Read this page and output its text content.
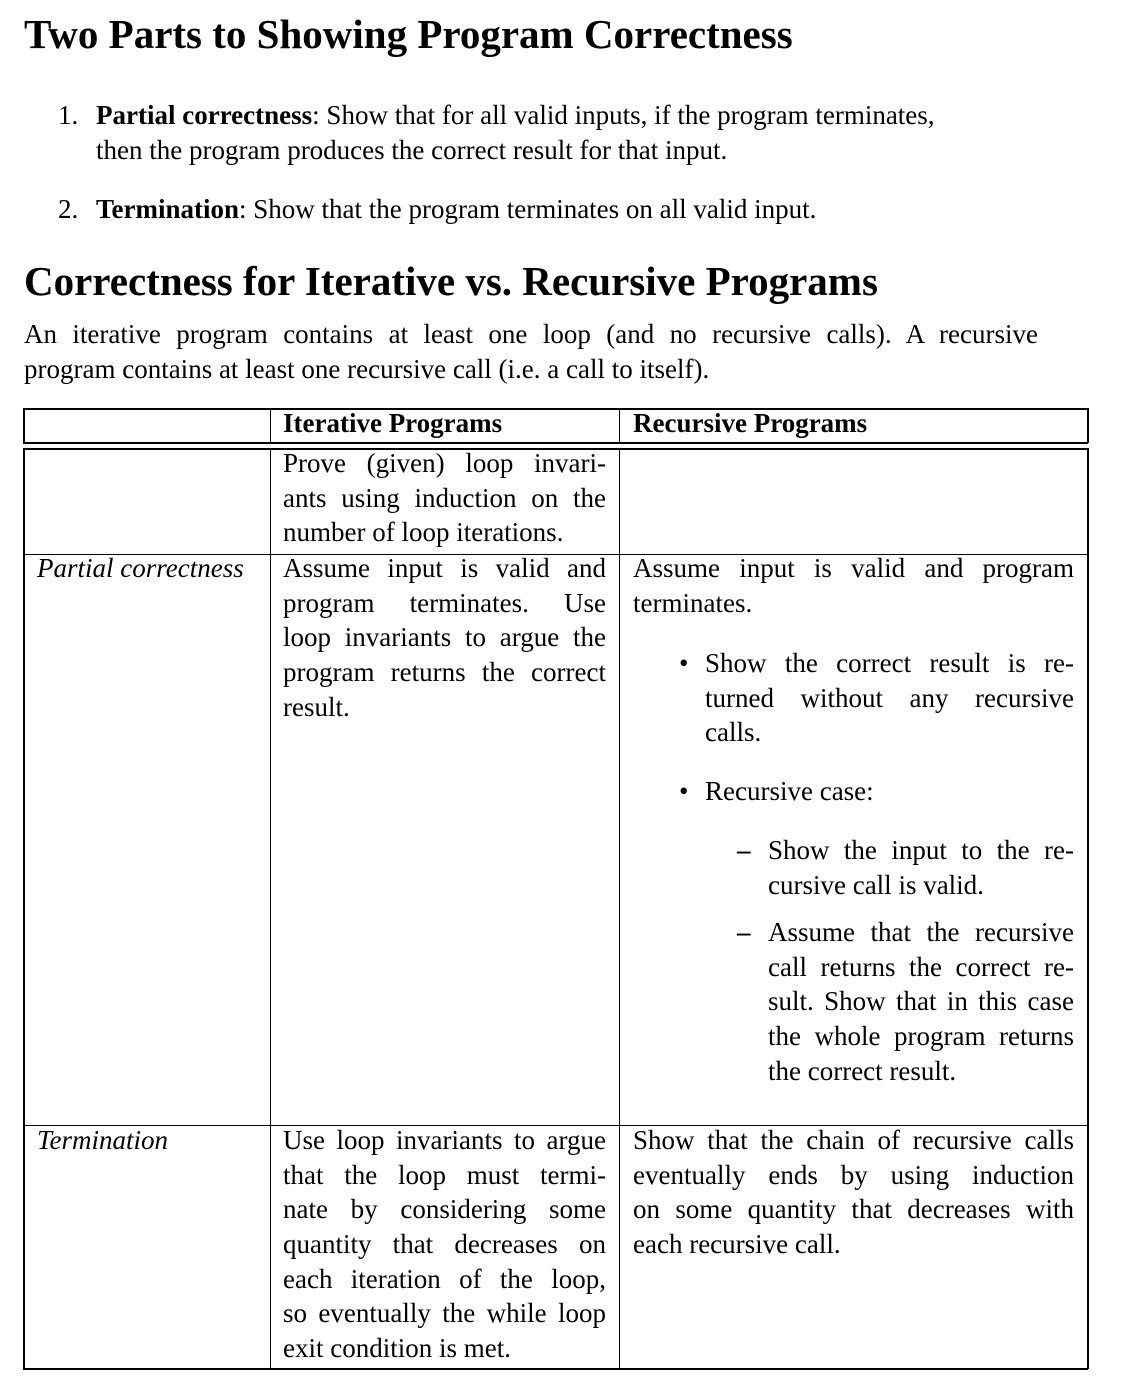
Two Parts to Showing Program Correctness
1. Partial correctness: Show that for all valid inputs, if the program terminates,
then the program produces the correct result for that input.
2. Termination: Show that the program terminates on all valid input.
Correctness for Iterative vs. Recursive Programs
An iterative program contains at least one loop (and no recursive calls). A recursive
program contains at least one recursive call (i.e. a call to itself).
Iterative Programs	Recursive Programs
Prove (given) loop invari-
ants using induction on the
number of loop iterations.
Partial correctness Assume input is valid and
program terminates. Use
loop invariants to argue the
program returns the correct
result.
Assume input is valid and program
terminates.
• Show the correct result is re-
turned without any recursive
calls.
• Recursive case:
– Show the input to the re-
cursive call is valid.
– Assume that the recursive
call returns the correct re-
sult. Show that in this case
the whole program returns
the correct result.
Termination	Use loop invariants to argue
that the loop must termi-
nate by considering some
quantity that decreases on
each iteration of the loop,
so eventually the while loop
exit condition is met.
Show that the chain of recursive calls
eventually ends by using induction
on some quantity that decreases with
each recursive call.
